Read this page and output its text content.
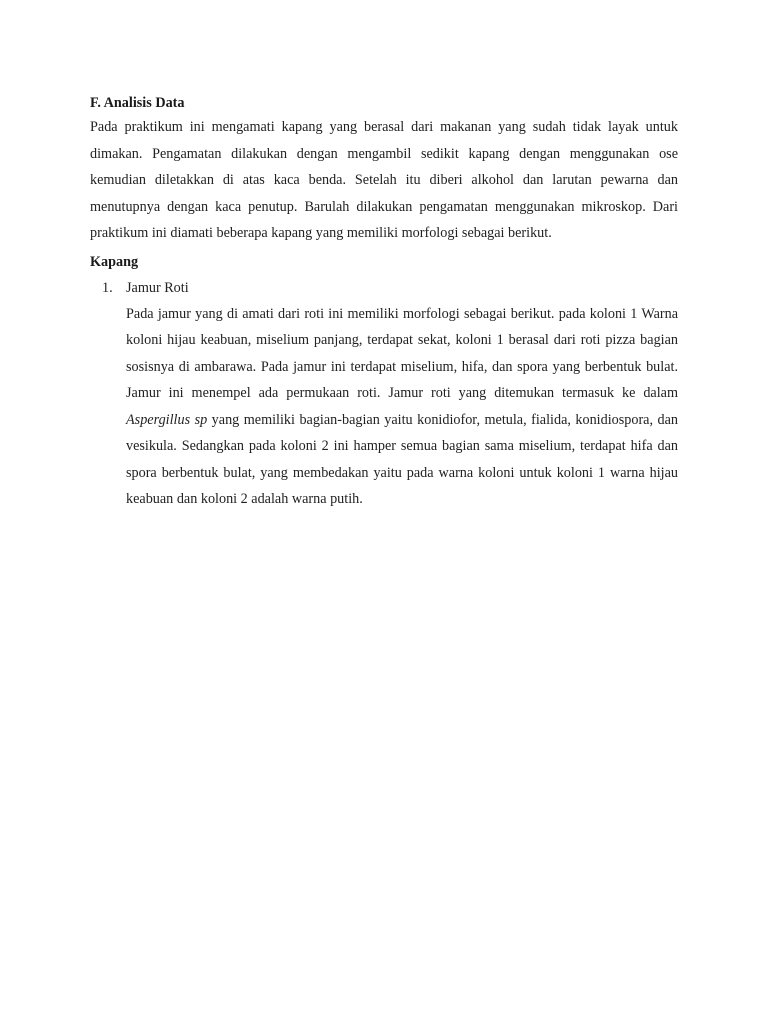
F. Analisis Data

Pada praktikum ini mengamati kapang yang berasal dari makanan yang sudah tidak layak untuk dimakan. Pengamatan dilakukan dengan mengambil sedikit kapang dengan menggunakan ose kemudian diletakkan di atas kaca benda. Setelah itu diberi alkohol dan larutan pewarna dan menutupnya dengan kaca penutup. Barulah dilakukan pengamatan menggunakan mikroskop. Dari praktikum ini diamati beberapa kapang yang memiliki morfologi sebagai berikut.

Kapang
1. Jamur Roti

Pada jamur yang di amati dari roti ini memiliki morfologi sebagai berikut. pada koloni 1 Warna koloni hijau keabuan, miselium panjang, terdapat sekat, koloni 1 berasal dari roti pizza bagian sosisnya di ambarawa. Pada jamur ini terdapat miselium, hifa, dan spora yang berbentuk bulat. Jamur ini menempel ada permukaan roti. Jamur roti yang ditemukan termasuk ke dalam Aspergillus sp yang memiliki bagian-bagian yaitu konidiofor, metula, fialida, konidiospora, dan vesikula. Sedangkan pada koloni 2 ini hamper semua bagian sama miselium, terdapat hifa dan spora berbentuk bulat, yang membedakan yaitu pada warna koloni untuk koloni 1 warna hijau keabuan dan koloni 2 adalah warna putih.
